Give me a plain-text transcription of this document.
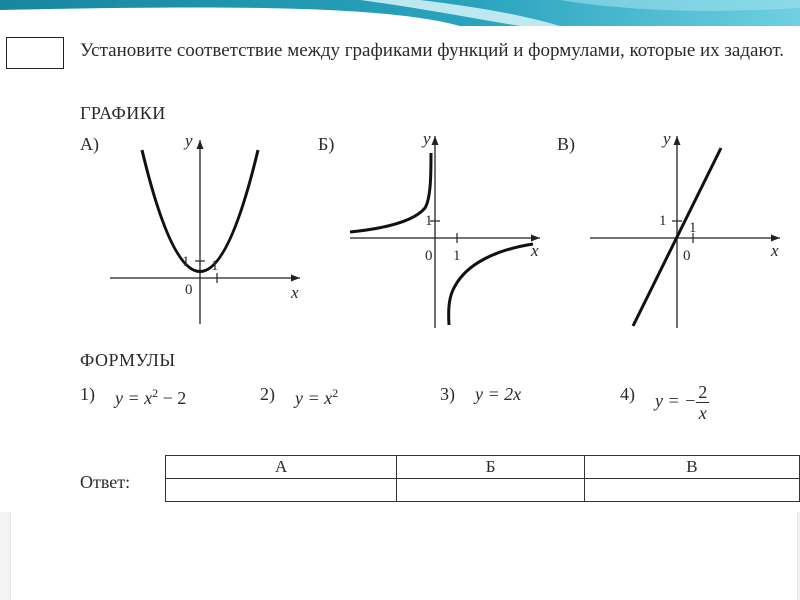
Установите соответствие между графиками функций и формулами, которые их задают.
ГРАФИКИ
А)	y
x
1 1
0
Б)	y
x
1
1
0
В)	y
x
1 1
0
ФОРМУЛЫ
1) $y = x^2 - 2$	2) $y = x^2$	3) y = 2x	4) y = − $\frac{2}{x}$
Ответ:
А	Б	В
